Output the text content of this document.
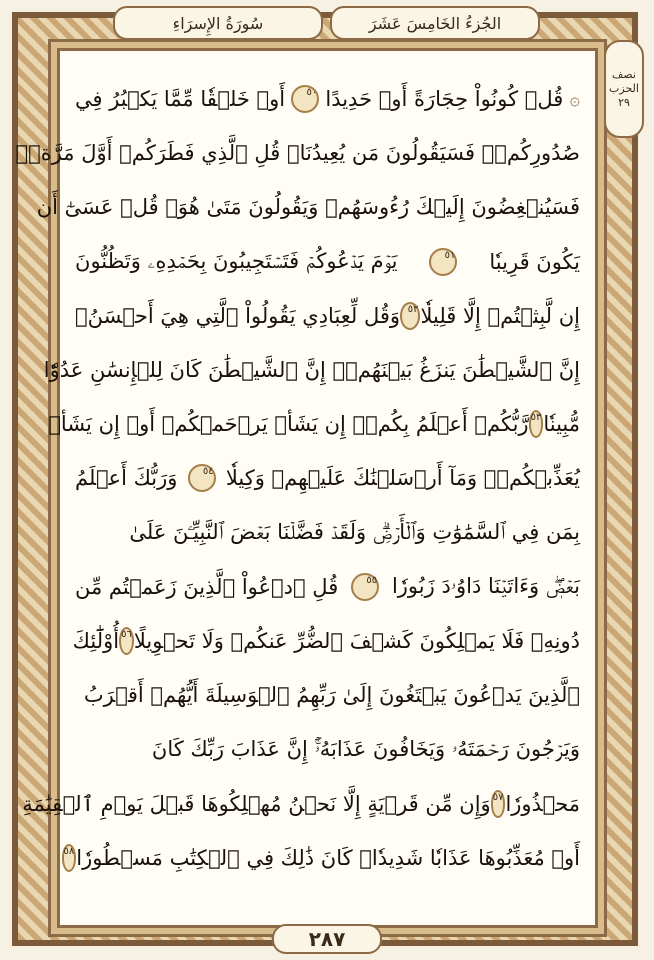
سُورَةُ الإِسرَاءِ	الجُزءُ الخَامِسَ عَشَرَ
نصف
الحزب
٢٩
۞
قُلۡ كُونُواْ حِجَارَةً أَوۡ حَدِيدًا
٥٠
أَوۡ خَلۡقٗا مِّمَّا يَكۡبُرُ فِي
صُدُورِكُمۡۚ فَسَيَقُولُونَ مَن يُعِيدُنَاۖ قُلِ ٱلَّذِي فَطَرَكُمۡ أَوَّلَ مَرَّةٖۚ
فَسَيُنۡغِضُونَ إِلَيۡكَ رُءُوسَهُمۡ وَيَقُولُونَ مَتَىٰ هُوَۖ قُلۡ عَسَىٰٓ أَن
يَكُونَ قَرِيبٗا
٥١
يَوۡمَ يَدۡعُوكُمۡ فَتَسۡتَجِيبُونَ بِحَمۡدِهِۦ وَتَظُنُّونَ
إِن لَّبِثۡتُمۡ إِلَّا قَلِيلٗا
٥٢
وَقُل لِّعِبَادِي يَقُولُواْ ٱلَّتِي هِيَ أَحۡسَنُۚ
إِنَّ ٱلشَّيۡطَٰنَ يَنزَغُ بَيۡنَهُمۡۚ إِنَّ ٱلشَّيۡطَٰنَ كَانَ لِلۡإِنسَٰنِ عَدُوّٗا
مُّبِينٗا
٥٣
رَّبُّكُمۡ أَعۡلَمُ بِكُمۡۖ إِن يَشَأۡ يَرۡحَمۡكُمۡ أَوۡ إِن يَشَأۡ
يُعَذِّبۡكُمۡۚ وَمَآ أَرۡسَلۡنَٰكَ عَلَيۡهِمۡ وَكِيلٗا
٥٤
وَرَبُّكَ أَعۡلَمُ
بِمَن فِي ٱلسَّمَٰوَٰتِ وَٱلۡأَرۡضِۗ وَلَقَدۡ فَضَّلۡنَا بَعۡضَ ٱلنَّبِيِّـۧنَ عَلَىٰ
بَعۡضٖۖ وَءَاتَيۡنَا دَاوُۥدَ زَبُورٗا
٥٥
قُلِ ٱدۡعُواْ ٱلَّذِينَ زَعَمۡتُم مِّن
دُونِهِۦ فَلَا يَمۡلِكُونَ كَشۡفَ ٱلضُّرِّ عَنكُمۡ وَلَا تَحۡوِيلًا
٥٦
أُوْلَٰٓئِكَ
ٱلَّذِينَ يَدۡعُونَ يَبۡتَغُونَ إِلَىٰ رَبِّهِمُ ٱلۡوَسِيلَةَ أَيُّهُمۡ أَقۡرَبُ
وَيَرۡجُونَ رَحۡمَتَهُۥ وَيَخَافُونَ عَذَابَهُۥٓۚ إِنَّ عَذَابَ رَبِّكَ كَانَ
مَحۡذُورٗا
٥٧
وَإِن مِّن قَرۡيَةٍ إِلَّا نَحۡنُ مُهۡلِكُوهَا قَبۡلَ يَوۡمِ ٱلۡقِيَٰمَةِ
أَوۡ مُعَذِّبُوهَا عَذَابٗا شَدِيدٗاۚ كَانَ ذَٰلِكَ فِي ٱلۡكِتَٰبِ مَسۡطُورٗا
٥٨
٢٨٧
